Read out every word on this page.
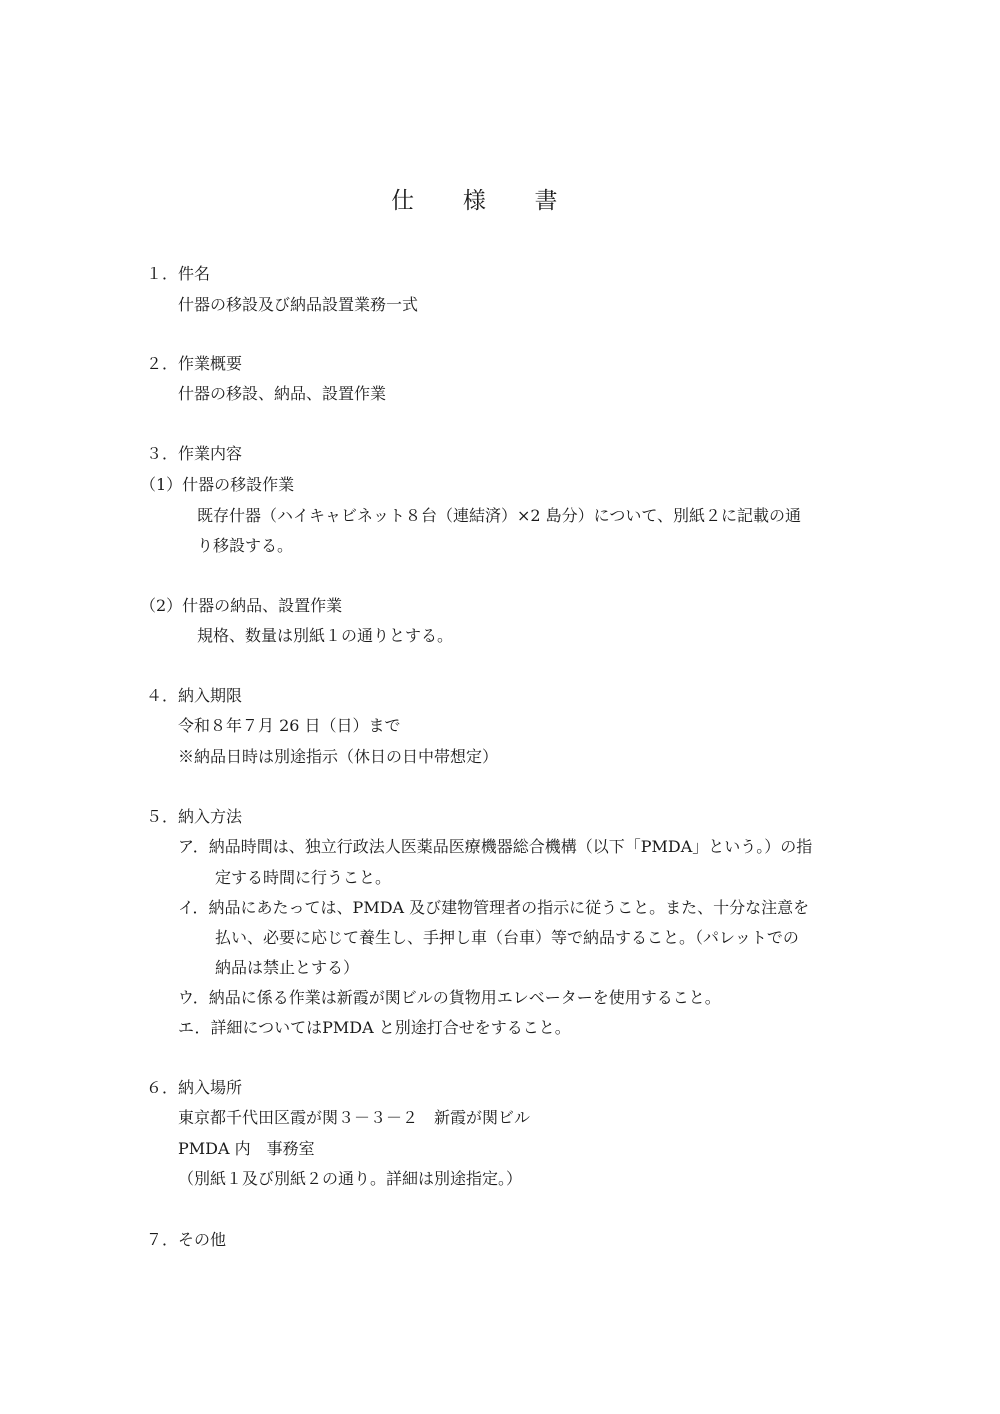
仕 様 書
１．件名
什器の移設及び納品設置業務一式
２．作業概要
什器の移設、納品、設置作業
３．作業内容
（1）什器の移設作業
既存什器（ハイキャビネット８台（連結済）×2 島分）について、別紙２に記載の通
り移設する。
（2）什器の納品、設置作業
規格、数量は別紙１の通りとする。
４．納入期限
令和８年７月 26 日（日）まで
※納品日時は別途指示（休日の日中帯想定）
５．納入方法
ア．納品時間は、独立行政法人医薬品医療機器総合機構（以下「PMDA」という。）の指
定する時間に行うこと。
イ．納品にあたっては、PMDA 及び建物管理者の指示に従うこと。また、十分な注意を
払い、必要に応じて養生し、手押し車（台車）等で納品すること。（パレットでの
納品は禁止とする）
ウ．納品に係る作業は新霞が関ビルの貨物用エレベーターを使用すること。
エ．詳細についてはPMDA と別途打合せをすること。
６．納入場所
東京都千代田区霞が関３－３－２　新霞が関ビル
PMDA 内　事務室
（別紙１及び別紙２の通り。詳細は別途指定。）
７．その他
